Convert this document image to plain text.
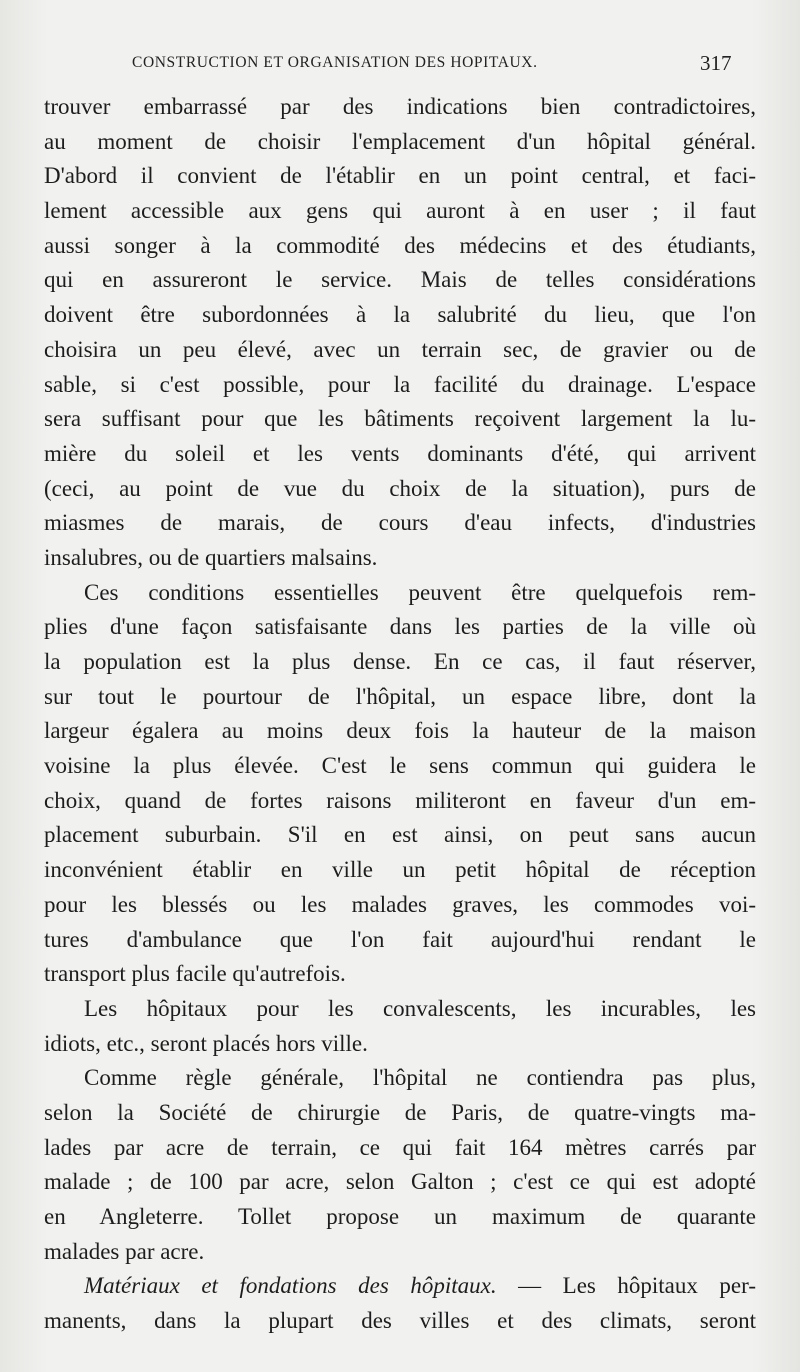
CONSTRUCTION ET ORGANISATION DES HOPITAUX.	317
trouver embarrassé par des indications bien contradictoires,
au moment de choisir l'emplacement d'un hôpital général.
D'abord il convient de l'établir en un point central, et faci-
lement accessible aux gens qui auront à en user ; il faut
aussi songer à la commodité des médecins et des étudiants,
qui en assureront le service. Mais de telles considérations
doivent être subordonnées à la salubrité du lieu, que l'on
choisira un peu élevé, avec un terrain sec, de gravier ou de
sable, si c'est possible, pour la facilité du drainage. L'espace
sera suffisant pour que les bâtiments reçoivent largement la lu-
mière du soleil et les vents dominants d'été, qui arrivent
(ceci, au point de vue du choix de la situation), purs de
miasmes de marais, de cours d'eau infects, d'industries
insalubres, ou de quartiers malsains.
Ces conditions essentielles peuvent être quelquefois rem-
plies d'une façon satisfaisante dans les parties de la ville où
la population est la plus dense. En ce cas, il faut réserver,
sur tout le pourtour de l'hôpital, un espace libre, dont la
largeur égalera au moins deux fois la hauteur de la maison
voisine la plus élevée. C'est le sens commun qui guidera le
choix, quand de fortes raisons militeront en faveur d'un em-
placement suburbain. S'il en est ainsi, on peut sans aucun
inconvénient établir en ville un petit hôpital de réception
pour les blessés ou les malades graves, les commodes voi-
tures d'ambulance que l'on fait aujourd'hui rendant le
transport plus facile qu'autrefois.
Les hôpitaux pour les convalescents, les incurables, les
idiots, etc., seront placés hors ville.
Comme règle générale, l'hôpital ne contiendra pas plus,
selon la Société de chirurgie de Paris, de quatre-vingts ma-
lades par acre de terrain, ce qui fait 164 mètres carrés par
malade ; de 100 par acre, selon Galton ; c'est ce qui est adopté
en Angleterre. Tollet propose un maximum de quarante
malades par acre.
Matériaux et fondations des hôpitaux. — Les hôpitaux per-
manents, dans la plupart des villes et des climats, seront
